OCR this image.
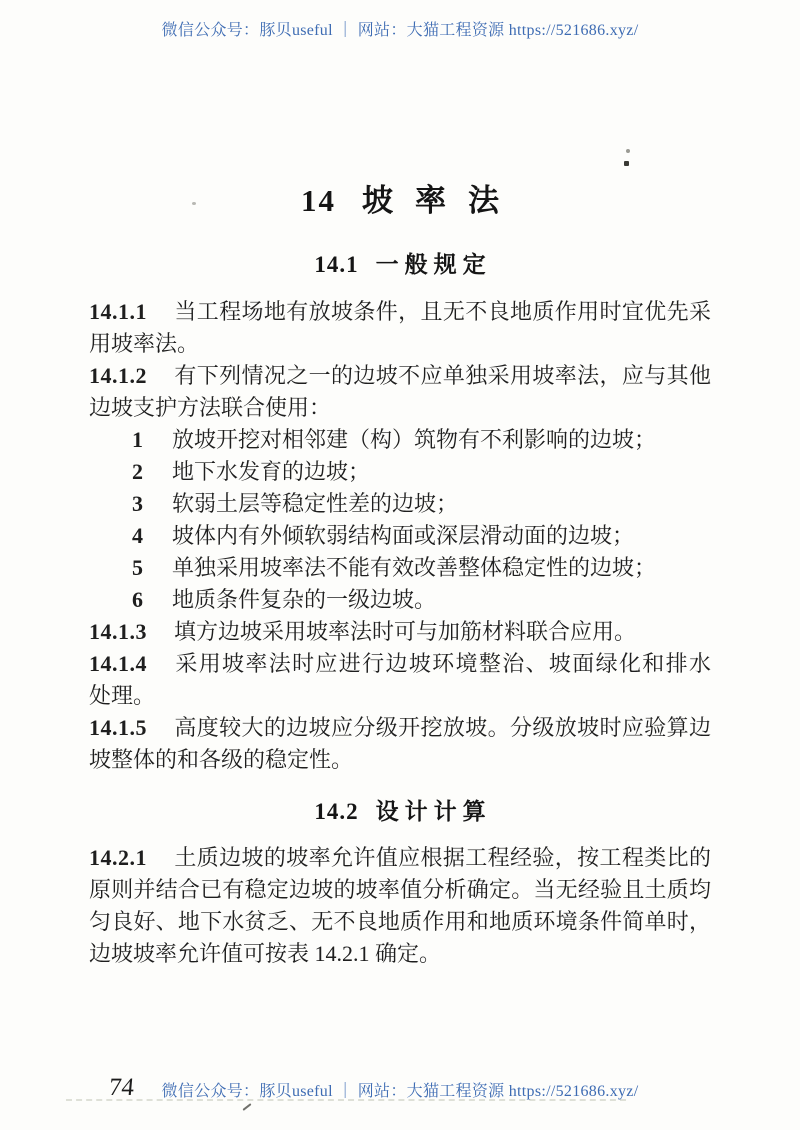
微信公众号：豚贝useful ｜ 网站：大猫工程资源 https://521686.xyz/
14 坡率法
14.1 一般规定
14.1.1 当工程场地有放坡条件，且无不良地质作用时宜优先采
用坡率法。
14.1.2 有下列情况之一的边坡不应单独采用坡率法，应与其他
边坡支护方法联合使用：
1 放坡开挖对相邻建（构）筑物有不利影响的边坡；
2 地下水发育的边坡；
3 软弱土层等稳定性差的边坡；
4 坡体内有外倾软弱结构面或深层滑动面的边坡；
5 单独采用坡率法不能有效改善整体稳定性的边坡；
6 地质条件复杂的一级边坡。
14.1.3 填方边坡采用坡率法时可与加筋材料联合应用。
14.1.4 采用坡率法时应进行边坡环境整治、坡面绿化和排水
处理。
14.1.5 高度较大的边坡应分级开挖放坡。分级放坡时应验算边
坡整体的和各级的稳定性。
14.2 设计计算
14.2.1 土质边坡的坡率允许值应根据工程经验，按工程类比的
原则并结合已有稳定边坡的坡率值分析确定。当无经验且土质均
匀良好、地下水贫乏、无不良地质作用和地质环境条件简单时，
边坡坡率允许值可按表 14.2.1 确定。
74	微信公众号：豚贝useful ｜ 网站：大猫工程资源 https://521686.xyz/
